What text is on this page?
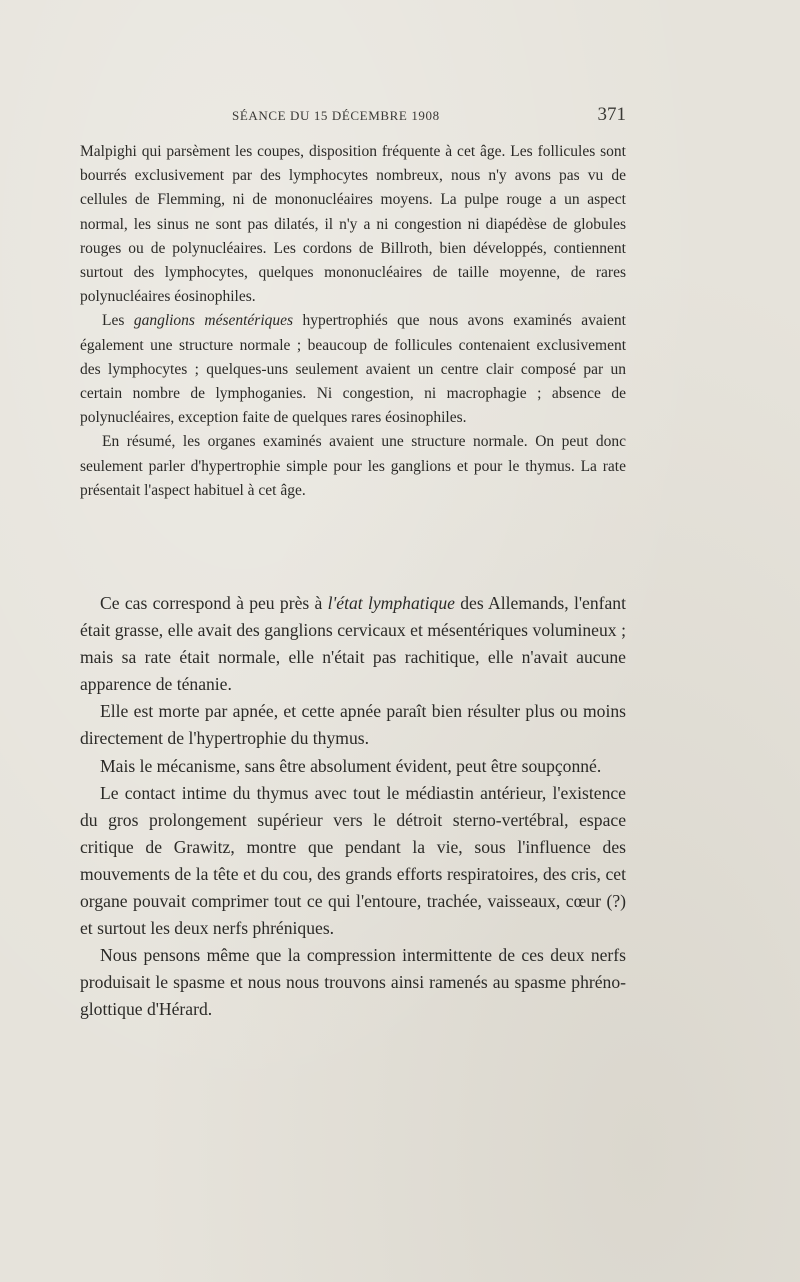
SÉANCE DU 15 DÉCEMBRE 1908	371

Malpighi qui parsèment les coupes, disposition fréquente à cet âge. Les follicules sont bourrés exclusivement par des lymphocytes nombreux, nous n'y avons pas vu de cellules de Flemming, ni de mononucléaires moyens. La pulpe rouge a un aspect normal, les sinus ne sont pas dilatés, il n'y a ni congestion ni diapédèse de globules rouges ou de polynucléaires. Les cordons de Billroth, bien développés, contiennent surtout des lymphocytes, quelques mononucléaires de taille moyenne, de rares polynucléaires éosinophiles.

Les ganglions mésentériques hypertrophiés que nous avons examinés avaient également une structure normale ; beaucoup de follicules contenaient exclusivement des lymphocytes ; quelques-uns seulement avaient un centre clair composé par un certain nombre de lymphoganies. Ni congestion, ni macrophagie ; absence de polynucléaires, exception faite de quelques rares éosinophiles.

En résumé, les organes examinés avaient une structure normale. On peut donc seulement parler d'hypertrophie simple pour les ganglions et pour le thymus. La rate présentait l'aspect habituel à cet âge.

Ce cas correspond à peu près à l'état lymphatique des Allemands, l'enfant était grasse, elle avait des ganglions cervicaux et mésentériques volumineux ; mais sa rate était normale, elle n'était pas rachitique, elle n'avait aucune apparence de ténanie.

Elle est morte par apnée, et cette apnée paraît bien résulter plus ou moins directement de l'hypertrophie du thymus.

Mais le mécanisme, sans être absolument évident, peut être soupçonné.

Le contact intime du thymus avec tout le médiastin antérieur, l'existence du gros prolongement supérieur vers le détroit sterno-vertébral, espace critique de Grawitz, montre que pendant la vie, sous l'influence des mouvements de la tête et du cou, des grands efforts respiratoires, des cris, cet organe pouvait comprimer tout ce qui l'entoure, trachée, vaisseaux, cœur (?) et surtout les deux nerfs phréniques.

Nous pensons même que la compression intermittente de ces deux nerfs produisait le spasme et nous nous trouvons ainsi ramenés au spasme phréno-glottique d'Hérard.
